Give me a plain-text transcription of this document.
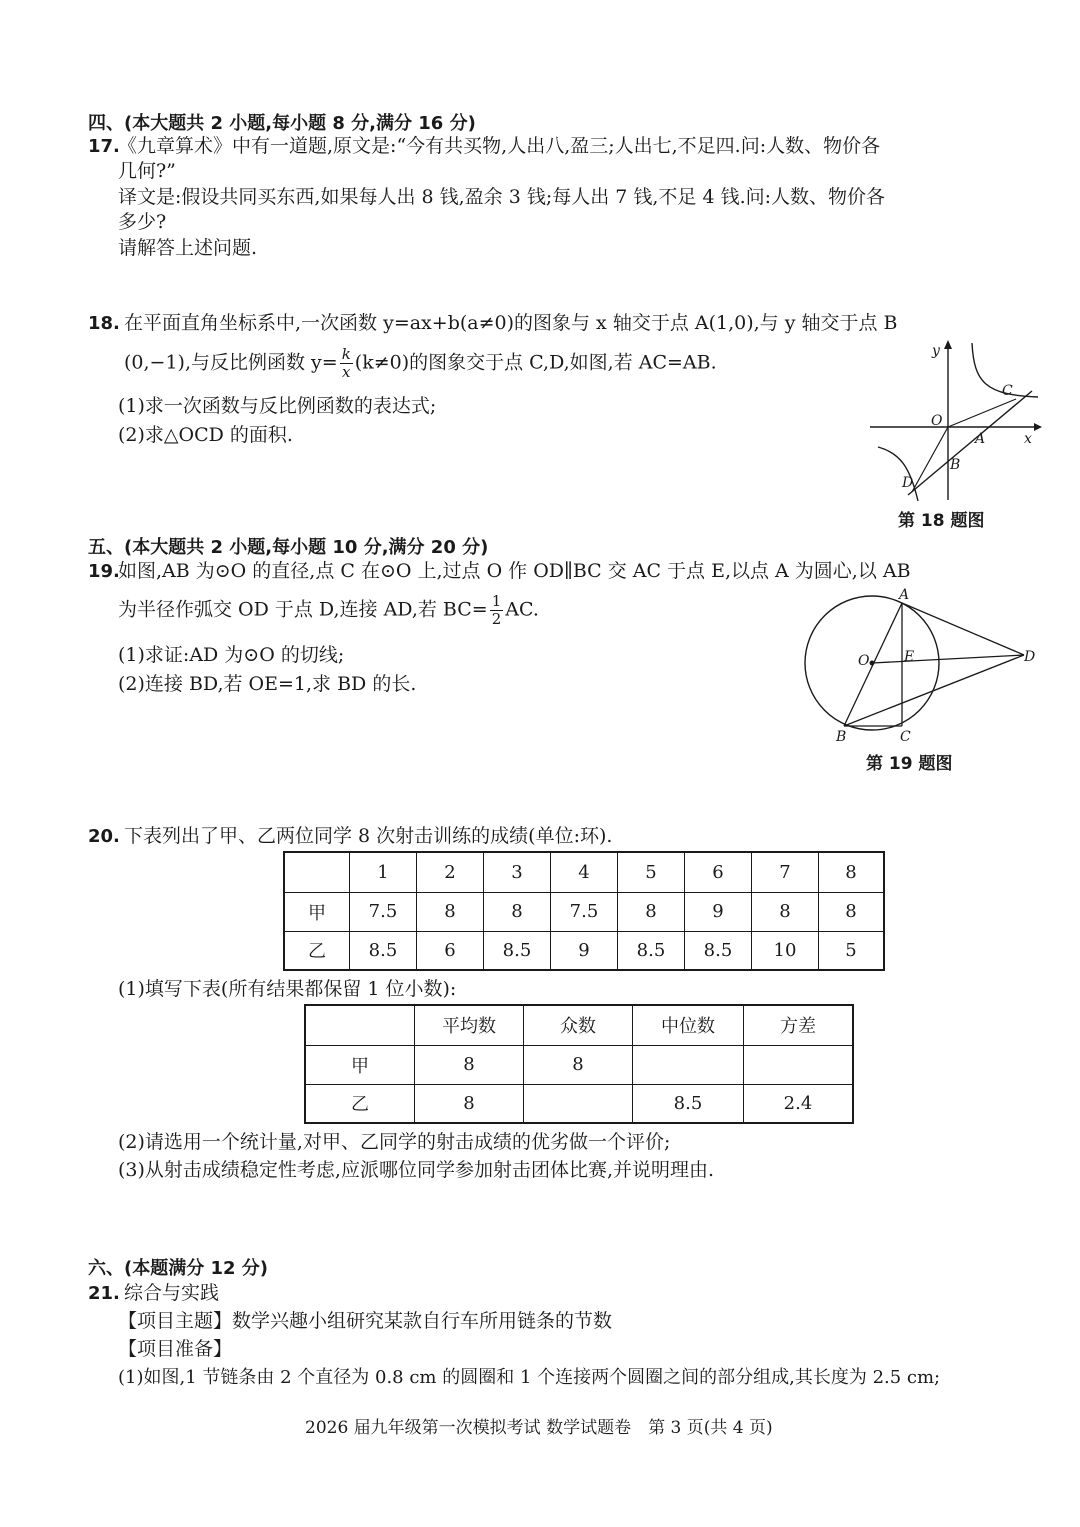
四、(本大题共 2 小题,每小题 8 分,满分 16 分)
17.
《九章算术》中有一道题,原文是:“今有共买物,人出八,盈三;人出七,不足四.问:人数、物价各
几何?”
译文是:假设共同买东西,如果每人出 8 钱,盈余 3 钱;每人出 7 钱,不足 4 钱.问:人数、物价各
多少?
请解答上述问题.
18. 在平面直角坐标系中,一次函数 y=ax+b(a≠0)的图象与 x 轴交于点 A(1,0),与 y 轴交于点 B
(0,−1),与反比例函数 $y= \frac{k}{x} (k\ne 0)$的图象交于点 C,D,如图,若 AC=AB.
(1)求一次函数与反比例函数的表达式;
(2)求△OCD 的面积.
y
x
O
A
B
C
D
第 18 题图
五、(本大题共 2 小题,每小题 10 分,满分 20 分)
19.
如图,AB 为⊙O 的直径,点 C 在⊙O 上,过点 O 作 OD∥BC 交 AC 于点 E,以点 A 为圆心,以 AB
为半径作弧交 OD 于点 D,连接 AD,若 $BC= \frac{1}{2}$ AC.
(1)求证:AD 为⊙O 的切线;
(2)连接 BD,若 OE=1,求 BD 的长.
A
O E	D
B	C
第 19 题图
20. 下表列出了甲、乙两位同学 8 次射击训练的成绩(单位:环).
	1	2	3	4	5	6	7	8
甲	7.5	8	8	7.5	8	9	8	8
乙	8.5	6	8.5	9	8.5	8.5	10	5
(1)填写下表(所有结果都保留 1 位小数):
	平均数	众数	中位数	方差
甲	8	8		
乙	8		8.5	2.4
(2)请选用一个统计量,对甲、乙同学的射击成绩的优劣做一个评价;
(3)从射击成绩稳定性考虑,应派哪位同学参加射击团体比赛,并说明理由.
六、(本题满分 12 分)
21. 综合与实践
【项目主题】数学兴趣小组研究某款自行车所用链条的节数
【项目准备】
(1)如图,1 节链条由 2 个直径为 0.8 cm 的圆圈和 1 个连接两个圆圈之间的部分组成,其长度为 2.5 cm;
2026 届九年级第一次模拟考试 数学试题卷　第 3 页(共 4 页)
